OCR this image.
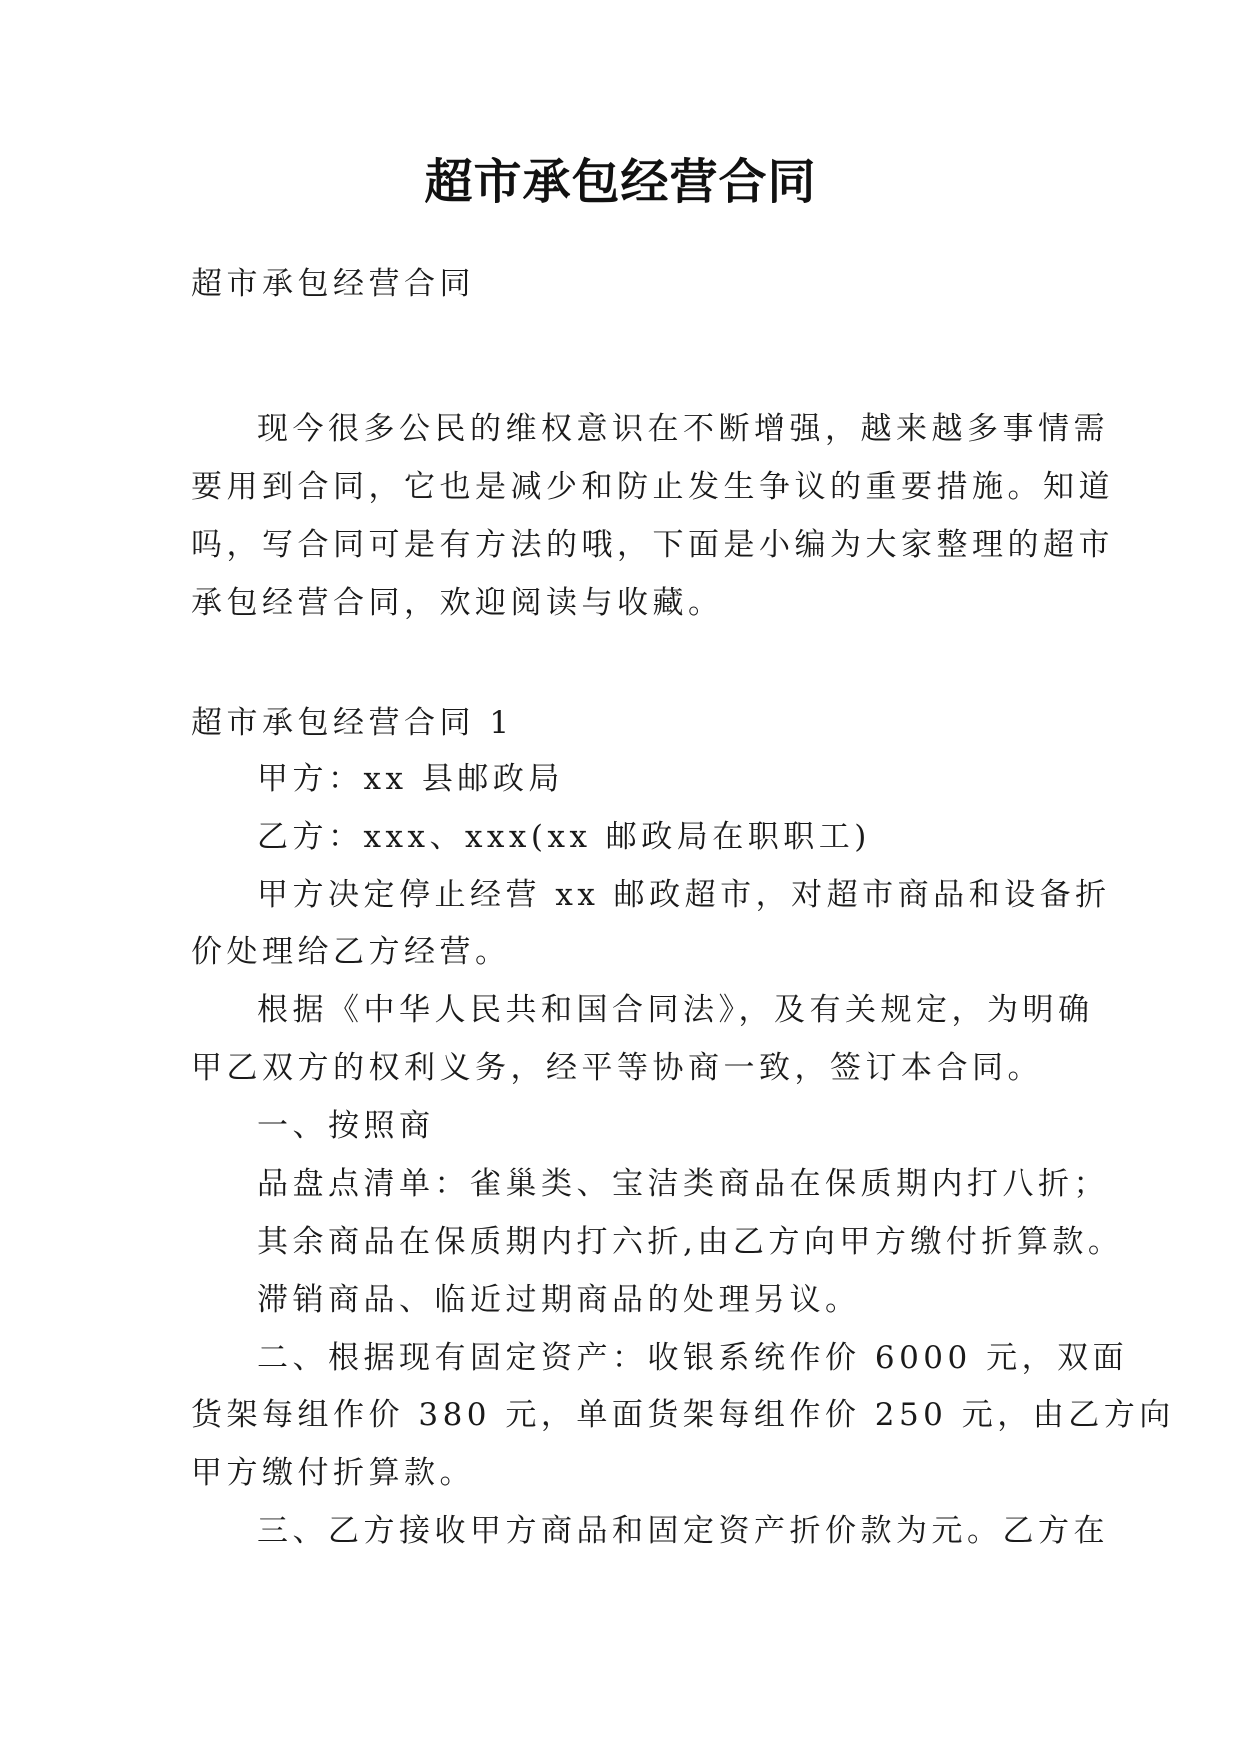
超市承包经营合同
超市承包经营合同
现今很多公民的维权意识在不断增强，越来越多事情需
要用到合同，它也是减少和防止发生争议的重要措施。知道
吗，写合同可是有方法的哦，下面是小编为大家整理的超市
承包经营合同，欢迎阅读与收藏。
超市承包经营合同 1
甲方：xx 县邮政局
乙方：xxx、xxx(xx 邮政局在职职工)
甲方决定停止经营 xx 邮政超市，对超市商品和设备折
价处理给乙方经营。
根据《中华人民共和国合同法》，及有关规定，为明确
甲乙双方的权利义务，经平等协商一致，签订本合同。
一、按照商
品盘点清单：雀巢类、宝洁类商品在保质期内打八折；
其余商品在保质期内打六折,由乙方向甲方缴付折算款。
滞销商品、临近过期商品的处理另议。
二、根据现有固定资产：收银系统作价 6000 元，双面
货架每组作价 380 元，单面货架每组作价 250 元，由乙方向
甲方缴付折算款。
三、乙方接收甲方商品和固定资产折价款为元。乙方在
